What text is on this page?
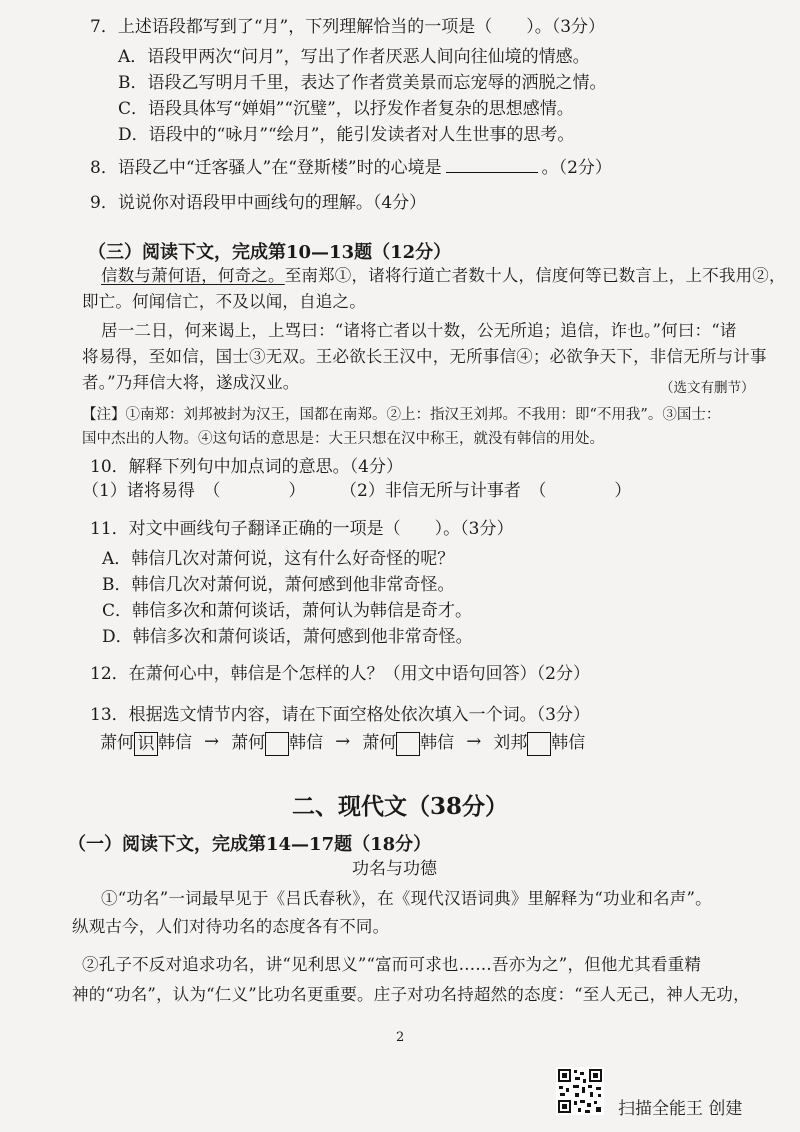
7．上述语段都写到了“月”，下列理解恰当的一项是（　　）。（3分）
A．语段甲两次“问月”，写出了作者厌恶人间向往仙境的情感。
B．语段乙写明月千里，表达了作者赏美景而忘宠辱的洒脱之情。
C．语段具体写“婵娟”“沉璧”，以抒发作者复杂的思想感情。
D．语段中的“咏月”“绘月”，能引发读者对人生世事的思考。
8．语段乙中“迁客骚人”在“登斯楼”时的心境是	。（2分）
9．说说你对语段甲中画线句的理解。（4分）
（三）阅读下文，完成第10—13题（12分）
信数与萧何语，何奇之。至南郑①，诸将行道亡者数十人，信度何等已数言上，上不我用②，
即亡。何闻信亡，不及以闻，自追之。
居一二日，何来谒上，上骂曰：“诸将亡者以十数，公无所追；追信，诈也。”何曰：“诸
将易得，至如信，国士③无双。王必欲长王汉中，无所事信④；必欲争天下，非信无所与计事
者。”乃拜信大将，遂成汉业。	（选文有删节）
【注】①南郑：刘邦被封为汉王，国都在南郑。②上：指汉王刘邦。不我用：即“不用我”。③国士：
国中杰出的人物。④这句话的意思是：大王只想在汉中称王，就没有韩信的用处。
10．解释下列句中加点词的意思。（4分）
（1）诸将易得　（　　　　） （2）非信无所与计事者　（　　　　）
11．对文中画线句子翻译正确的一项是（　　）。（3分）
A．韩信几次对萧何说，这有什么好奇怪的呢？
B．韩信几次对萧何说，萧何感到他非常奇怪。
C．韩信多次和萧何谈话，萧何认为韩信是奇才。
D．韩信多次和萧何谈话，萧何感到他非常奇怪。
12．在萧何心中，韩信是个怎样的人？（用文中语句回答）（2分）
13．根据选文情节内容，请在下面空格处依次填入一个词。（3分）
萧何 识 韩信 → 萧何 韩信 → 萧何 韩信 → 刘邦 韩信
二、现代文（38分）
（一）阅读下文，完成第14—17题（18分）
功名与功德
①“功名”一词最早见于《吕氏春秋》，在《现代汉语词典》里解释为“功业和名声”。
纵观古今，人们对待功名的态度各有不同。
②孔子不反对追求功名，讲“见利思义”“富而可求也……吾亦为之”，但他尤其看重精
神的“功名”，认为“仁义”比功名更重要。庄子对功名持超然的态度：“至人无己，神人无功，
2
扫描全能王 创建
